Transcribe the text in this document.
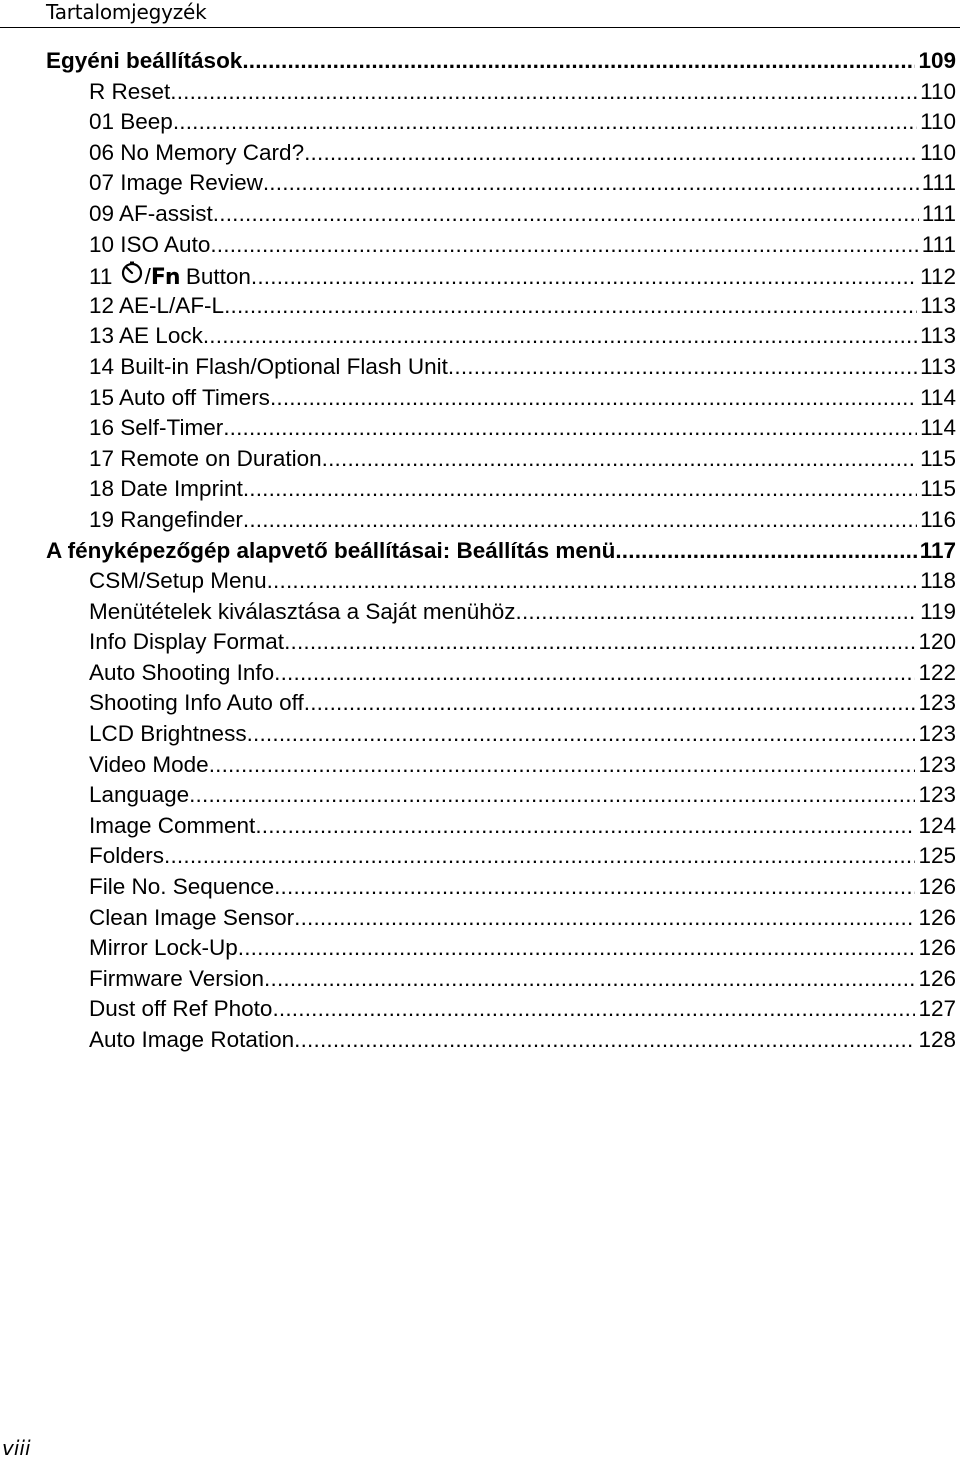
Tartalomjegyzék
Egyéni beállítások .....	109
R Reset .....	110
01 Beep .....	110
06 No Memory Card? .....	110
07 Image Review .....	111
09 AF-assist .....	111
10 ISO Auto .....	111
11 / Fn Button .....	112
12 AE-L/AF-L .....	113
13 AE Lock .....	113
14 Built-in Flash/Optional Flash Unit .....	113
15 Auto off Timers .....	114
16 Self-Timer .....	114
17 Remote on Duration .....	115
18 Date Imprint .....	115
19 Rangefinder .....	116
A fényképezőgép alapvető beállításai: Beállítás menü .....	117
CSM/Setup Menu .....	118
Menütételek kiválasztása a Saját menühöz .....	119
Info Display Format .....	120
Auto Shooting Info .....	122
Shooting Info Auto off .....	123
LCD Brightness .....	123
Video Mode .....	123
Language .....	123
Image Comment .....	124
Folders .....	125
File No. Sequence .....	126
Clean Image Sensor .....	126
Mirror Lock-Up .....	126
Firmware Version .....	126
Dust off Ref Photo .....	127
Auto Image Rotation .....	128
viii
